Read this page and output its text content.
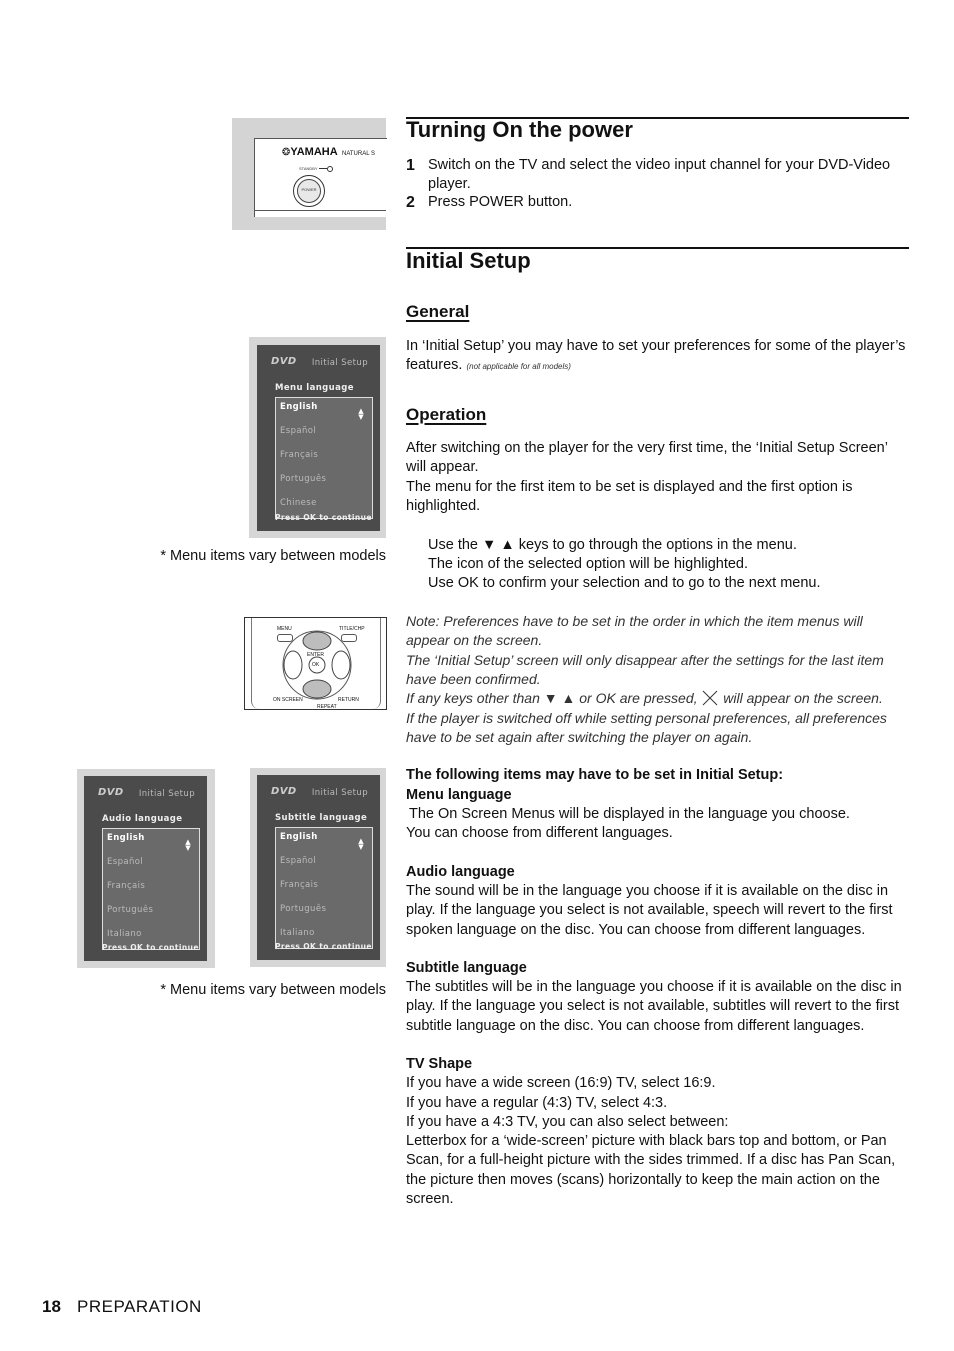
❂YAMAHA NATURAL S
STANDBY
POWER
Turning On the power
1 Switch on the TV and select the video input channel for your DVD-Video player.
2 Press POWER button.
Initial Setup
General

In ‘Initial Setup’ you may have to set your preferences for some of the player’s features. (not applicable for all models)

Operation

After switching on the player for the very first time, the ‘Initial Setup Screen’ will appear.

The menu for the first item to be set is displayed and the first option is highlighted.

Use the ▼ ▲ keys to go through the options in the menu.

The icon of the selected option will be highlighted.

Use OK to confirm your selection and to go to the next menu.

Note: Preferences have to be set in the order in which the item menus will appear on the screen.

The ‘Initial Setup’ screen will only disappear after the settings for the last item have been confirmed.

If any keys other than ▼ ▲ or OK are pressed, will appear on the screen.

If the player is switched off while setting personal preferences, all preferences have to be set again after switching the player on again.

The following items may have to be set in Initial Setup:

Menu language

The On Screen Menus will be displayed in the language you choose.

You can choose from different languages.

Audio language

The sound will be in the language you choose if it is available on the disc in play. If the language you select is not available, speech will revert to the first spoken language on the disc. You can choose from different languages.

Subtitle language

The subtitles will be in the language you choose if it is available on the disc in play. If the language you select is not available, subtitles will revert to the first subtitle language on the disc. You can choose from different languages.

TV Shape

If you have a wide screen (16:9) TV, select 16:9.

If you have a regular (4:3) TV, select 4:3.

If you have a 4:3 TV, you can also select between:

Letterbox for a ‘wide-screen’ picture with black bars top and bottom, or Pan Scan, for a full-height picture with the sides trimmed. If a disc has Pan Scan, the picture then moves (scans) horizontally to keep the main action on the screen.

DVD Initial Setup
Menu language
English
Español
Français
Português
Chinese
▲
▼
Press OK to continue
* Menu items vary between models
MENU	TITLE/CHP
ENTER
OK
ON SCREEN	RETURN
REPEAT
DVD Initial Setup
Audio language
English
Español
Français
Português
Italiano
▲
▼
Press OK to continue
DVD Initial Setup
Subtitle language
English
Español
Français
Português
Italiano
▲
▼
Press OK to continue
* Menu items vary between models
18 PREPARATION
